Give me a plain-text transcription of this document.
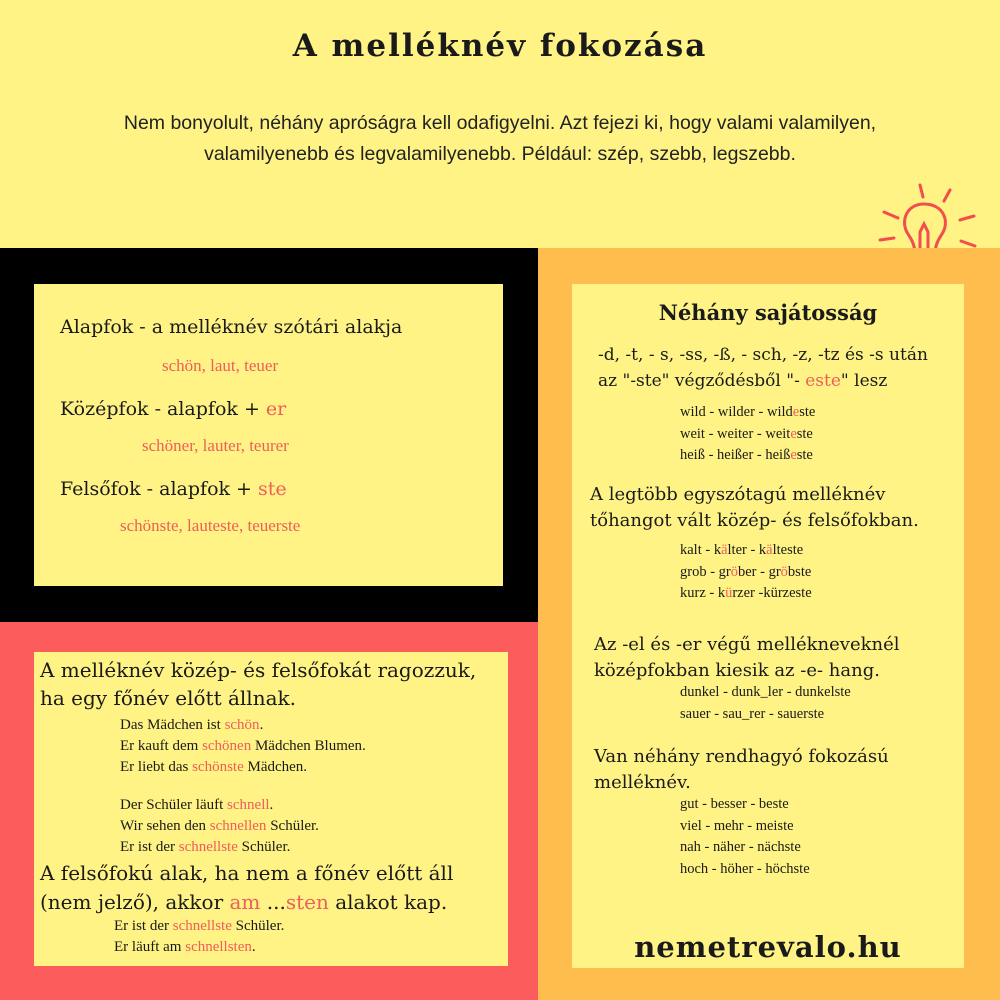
A melléknév fokozása
Nem bonyolult, néhány apróságra kell odafigyelni. Azt fejezi ki, hogy valami valamilyen,
valamilyenebb és legvalamilyenebb. Például: szép, szebb, legszebb.
Alapfok - a melléknév szótári alakja
schön, laut, teuer
Középfok - alapfok + er
schöner, lauter, teurer
Felsőfok - alapfok + ste
schönste, lauteste, teuerste
A melléknév közép- és felsőfokát ragozzuk,
ha egy főnév előtt állnak.
Das Mädchen ist schön.
Er kauft dem schönen Mädchen Blumen.
Er liebt das schönste Mädchen.
Der Schüler läuft schnell.
Wir sehen den schnellen Schüler.
Er ist der schnellste Schüler.
A felsőfokú alak, ha nem a főnév előtt áll
(nem jelző), akkor am ...sten alakot kap.
Er ist der schnellste Schüler.
Er läuft am schnellsten.
Néhány sajátosság
-d, -t, - s, -ss, -ß, - sch, -z, -tz és -s után
az "-ste" végződésből "- este" lesz
wild - wilder - wildeste
weit - weiter - weiteste
heiß - heißer - heißeste
A legtöbb egyszótagú melléknév
tőhangot vált közép- és felsőfokban.
kalt - kälter - kälteste
grob - gröber - gröbste
kurz - kürzer -kürzeste
Az -el és -er végű mellékneveknél
középfokban kiesik az -e- hang.
dunkel - dunk_ler - dunkelste
sauer - sau_rer - sauerste
Van néhány rendhagyó fokozású
melléknév.
gut - besser - beste
viel - mehr - meiste
nah - näher - nächste
hoch - höher - höchste
nemetrevalo.hu
